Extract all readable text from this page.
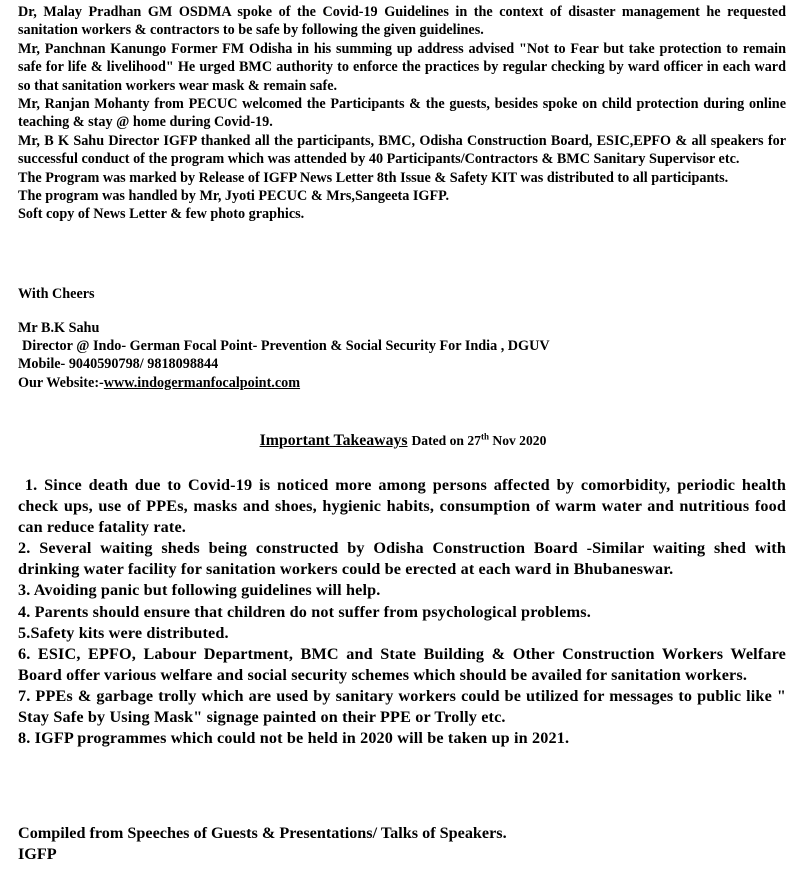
Dr, Malay Pradhan GM OSDMA spoke of the Covid-19 Guidelines in the context of disaster management he requested sanitation workers & contractors to be safe by following the given guidelines.

Mr, Panchnan Kanungo Former FM Odisha in his summing up address advised "Not to Fear but take protection to remain safe for life & livelihood" He urged BMC authority to enforce the practices by regular checking by ward officer in each ward so that sanitation workers wear mask & remain safe.

Mr, Ranjan Mohanty from PECUC welcomed the Participants & the guests, besides spoke on child protection during online teaching & stay @ home during Covid-19.

Mr, B K Sahu Director IGFP thanked all the participants, BMC, Odisha Construction Board, ESIC,EPFO & all speakers for successful conduct of the program which was attended by 40 Participants/Contractors & BMC Sanitary Supervisor etc.

The Program was marked by Release of IGFP News Letter 8th Issue & Safety KIT was distributed to all participants.

The program was handled by Mr, Jyoti PECUC & Mrs,Sangeeta IGFP.

Soft copy of News Letter & few photo graphics.

With Cheers
Mr B.K Sahu
Director @ Indo- German Focal Point- Prevention & Social Security For India , DGUV
Mobile- 9040590798/ 9818098844
Our Website:-www.indogermanfocalpoint.com
Important Takeaways Dated on 27th Nov 2020

1. Since death due to Covid-19 is noticed more among persons affected by comorbidity, periodic health check ups, use of PPEs, masks and shoes, hygienic habits, consumption of warm water and nutritious food can reduce fatality rate.

2. Several waiting sheds being constructed by Odisha Construction Board -Similar waiting shed with drinking water facility for sanitation workers could be erected at each ward in Bhubaneswar.

3. Avoiding panic but following guidelines will help.

4. Parents should ensure that children do not suffer from psychological problems.

5.Safety kits were distributed.

6. ESIC, EPFO, Labour Department, BMC and State Building & Other Construction Workers Welfare Board offer various welfare and social security schemes which should be availed for sanitation workers.

7. PPEs & garbage trolly which are used by sanitary workers could be utilized for messages to public like " Stay Safe by Using Mask" signage painted on their PPE or Trolly etc.

8. IGFP programmes which could not be held in 2020 will be taken up in 2021.

Compiled from Speeches of Guests & Presentations/ Talks of Speakers.
IGFP
